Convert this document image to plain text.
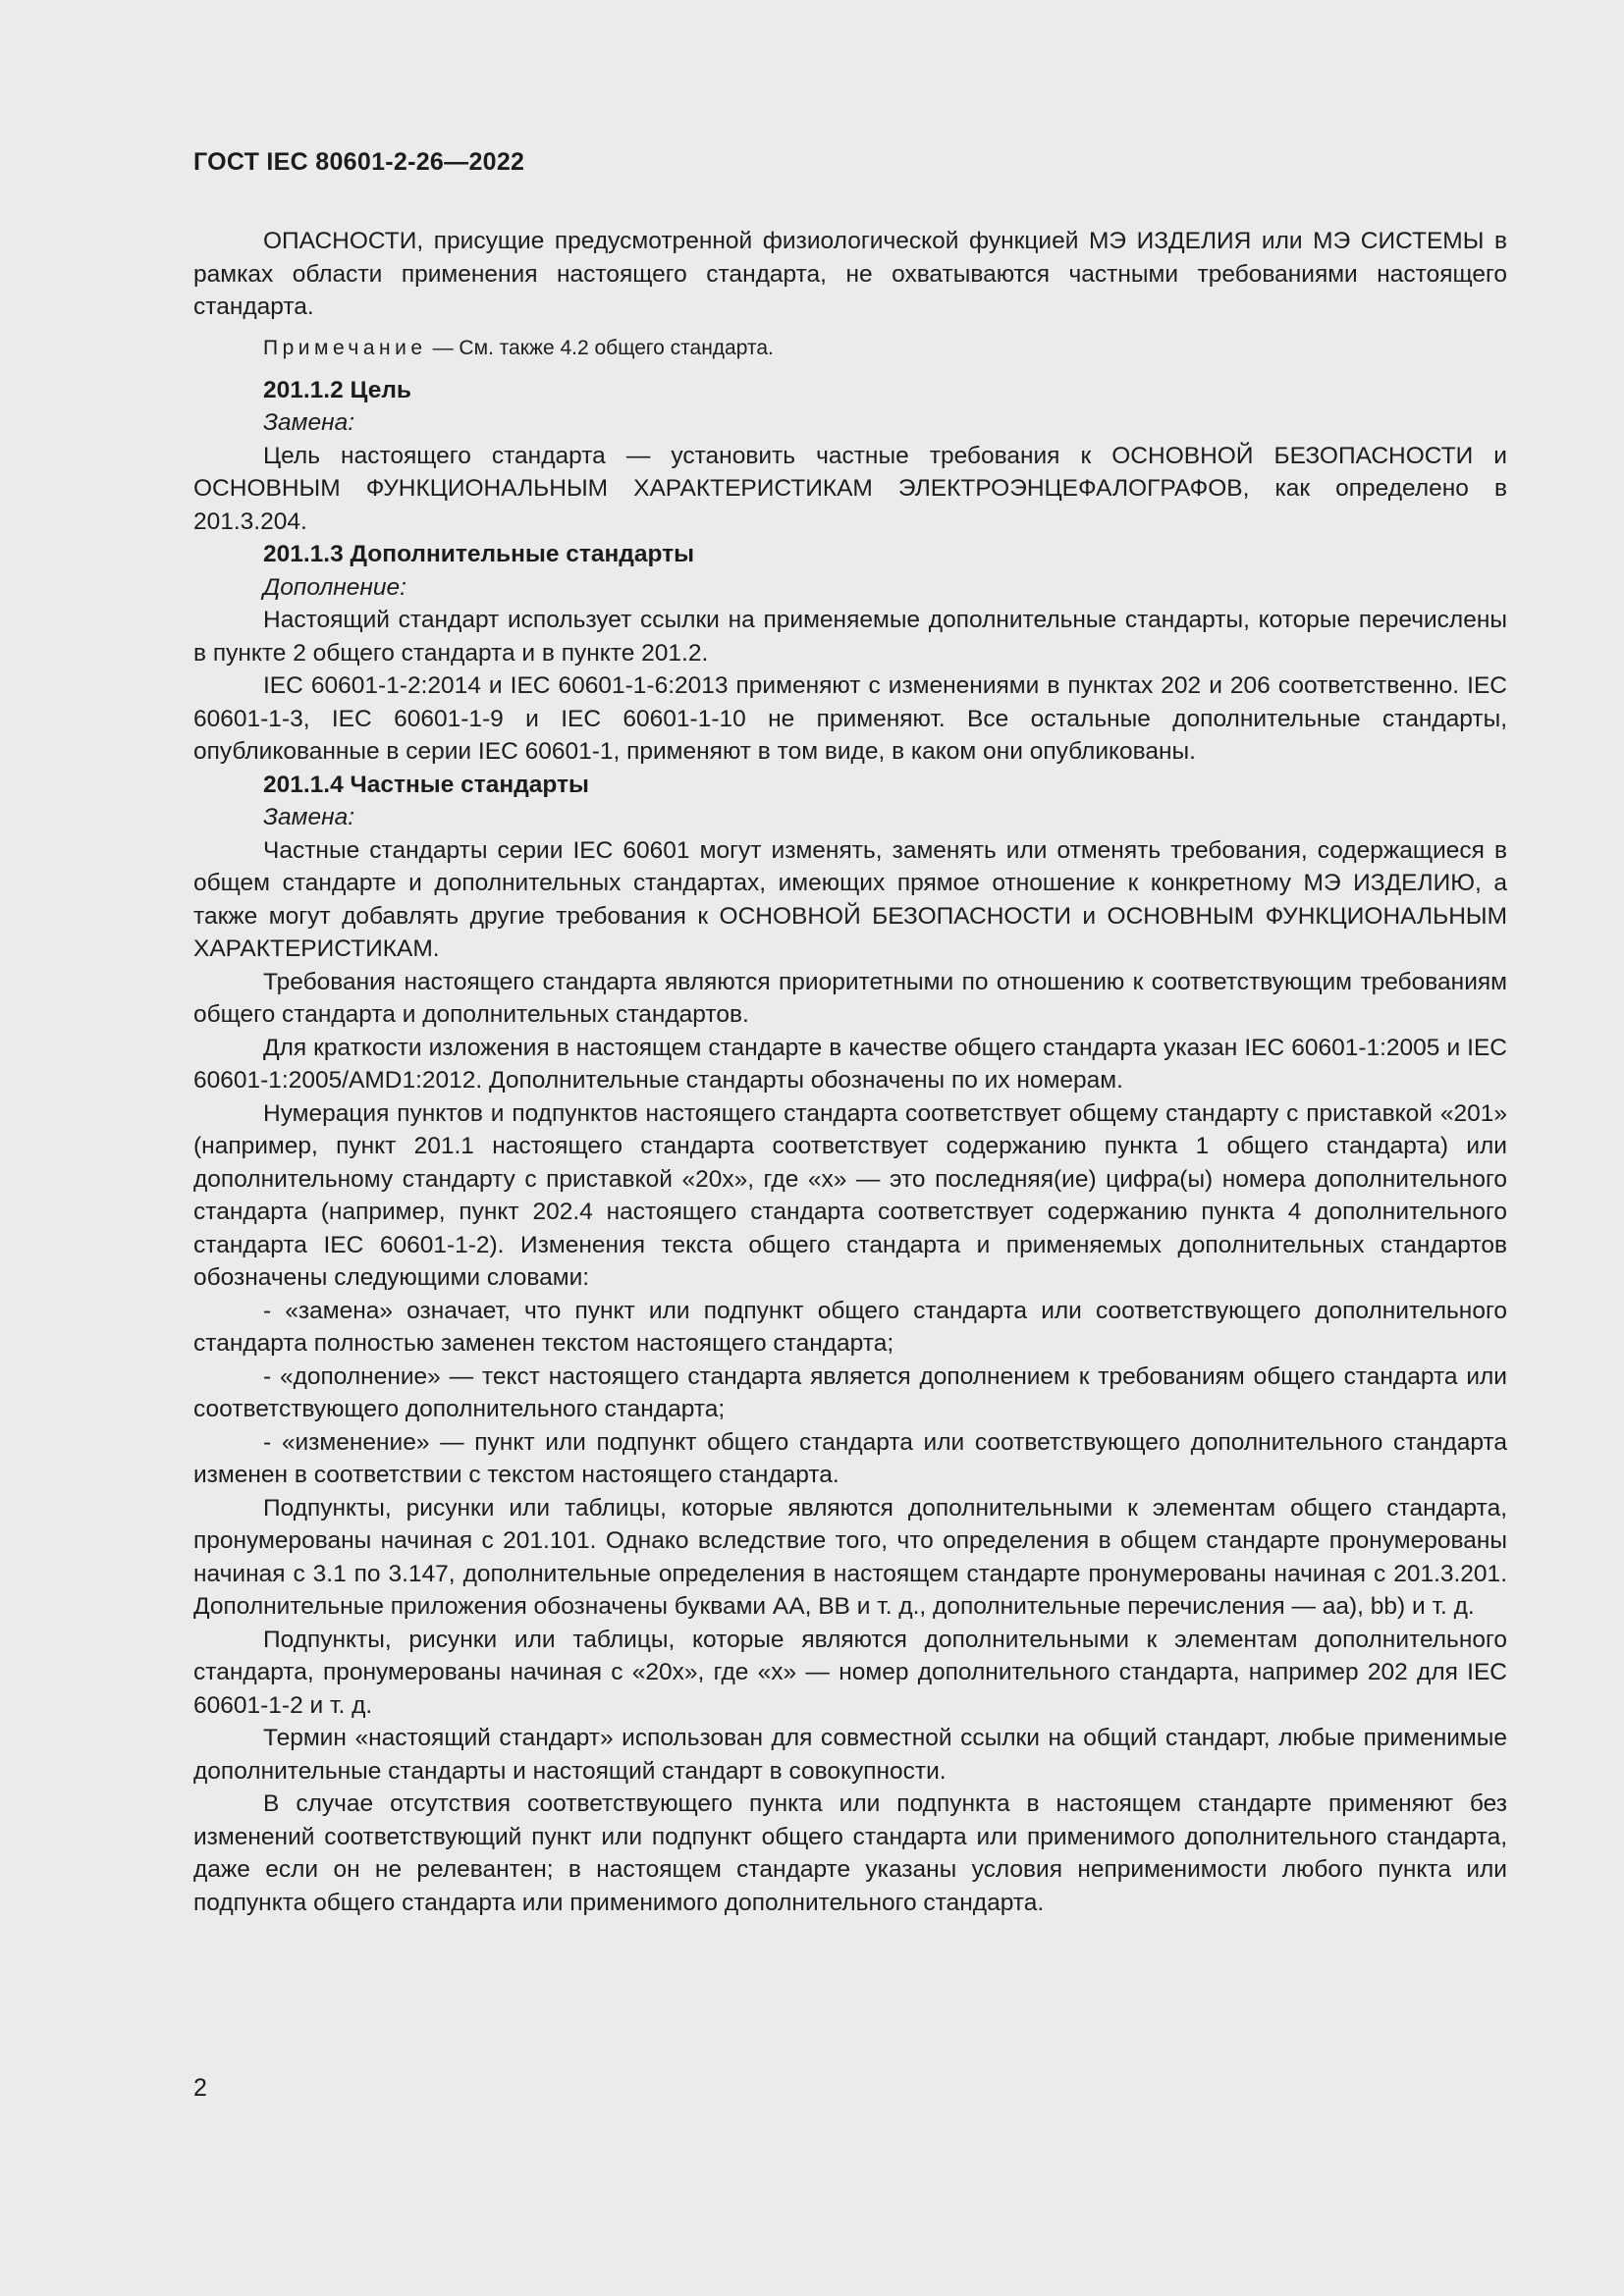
ГОСТ IEC 80601-2-26—2022

ОПАСНОСТИ, присущие предусмотренной физиологической функцией МЭ ИЗДЕЛИЯ или МЭ СИСТЕМЫ в рамках области применения настоящего стандарта, не охватываются частными требованиями настоящего стандарта.

Примечание — См. также 4.2 общего стандарта.

201.1.2 Цель

Замена:

Цель настоящего стандарта — установить частные требования к ОСНОВНОЙ БЕЗОПАСНОСТИ и ОСНОВНЫМ ФУНКЦИОНАЛЬНЫМ ХАРАКТЕРИСТИКАМ ЭЛЕКТРОЭНЦЕФАЛОГРАФОВ, как определено в 201.3.204.

201.1.3 Дополнительные стандарты

Дополнение:

Настоящий стандарт использует ссылки на применяемые дополнительные стандарты, которые перечислены в пункте 2 общего стандарта и в пункте 201.2.

IEC 60601-1-2:2014 и IEC 60601-1-6:2013 применяют с изменениями в пунктах 202 и 206 соответственно. IEC 60601-1-3, IEC 60601-1-9 и IEC 60601-1-10 не применяют. Все остальные дополнительные стандарты, опубликованные в серии IEC 60601-1, применяют в том виде, в каком они опубликованы.

201.1.4 Частные стандарты

Замена:

Частные стандарты серии IEC 60601 могут изменять, заменять или отменять требования, содержащиеся в общем стандарте и дополнительных стандартах, имеющих прямое отношение к конкретному МЭ ИЗДЕЛИЮ, а также могут добавлять другие требования к ОСНОВНОЙ БЕЗОПАСНОСТИ и ОСНОВНЫМ ФУНКЦИОНАЛЬНЫМ ХАРАКТЕРИСТИКАМ.

Требования настоящего стандарта являются приоритетными по отношению к соответствующим требованиям общего стандарта и дополнительных стандартов.

Для краткости изложения в настоящем стандарте в качестве общего стандарта указан IEC 60601-1:2005 и IEC 60601-1:2005/AMD1:2012. Дополнительные стандарты обозначены по их номерам.

Нумерация пунктов и подпунктов настоящего стандарта соответствует общему стандарту с приставкой «201» (например, пункт 201.1 настоящего стандарта соответствует содержанию пункта 1 общего стандарта) или дополнительному стандарту с приставкой «20x», где «x» — это последняя(ие) цифра(ы) номера дополнительного стандарта (например, пункт 202.4 настоящего стандарта соответствует содержанию пункта 4 дополнительного стандарта IEC 60601-1-2). Изменения текста общего стандарта и применяемых дополнительных стандартов обозначены следующими словами:

- «замена» означает, что пункт или подпункт общего стандарта или соответствующего дополнительного стандарта полностью заменен текстом настоящего стандарта;

- «дополнение» — текст настоящего стандарта является дополнением к требованиям общего стандарта или соответствующего дополнительного стандарта;

- «изменение» — пункт или подпункт общего стандарта или соответствующего дополнительного стандарта изменен в соответствии с текстом настоящего стандарта.

Подпункты, рисунки или таблицы, которые являются дополнительными к элементам общего стандарта, пронумерованы начиная с 201.101. Однако вследствие того, что определения в общем стандарте пронумерованы начиная с 3.1 по 3.147, дополнительные определения в настоящем стандарте пронумерованы начиная с 201.3.201. Дополнительные приложения обозначены буквами АА, ВВ и т. д., дополнительные перечисления — аа), bb) и т. д.

Подпункты, рисунки или таблицы, которые являются дополнительными к элементам дополнительного стандарта, пронумерованы начиная с «20x», где «x» — номер дополнительного стандарта, например 202 для IEC 60601-1-2 и т. д.

Термин «настоящий стандарт» использован для совместной ссылки на общий стандарт, любые применимые дополнительные стандарты и настоящий стандарт в совокупности.

В случае отсутствия соответствующего пункта или подпункта в настоящем стандарте применяют без изменений соответствующий пункт или подпункт общего стандарта или применимого дополнительного стандарта, даже если он не релевантен; в настоящем стандарте указаны условия неприменимости любого пункта или подпункта общего стандарта или применимого дополнительного стандарта.

2
